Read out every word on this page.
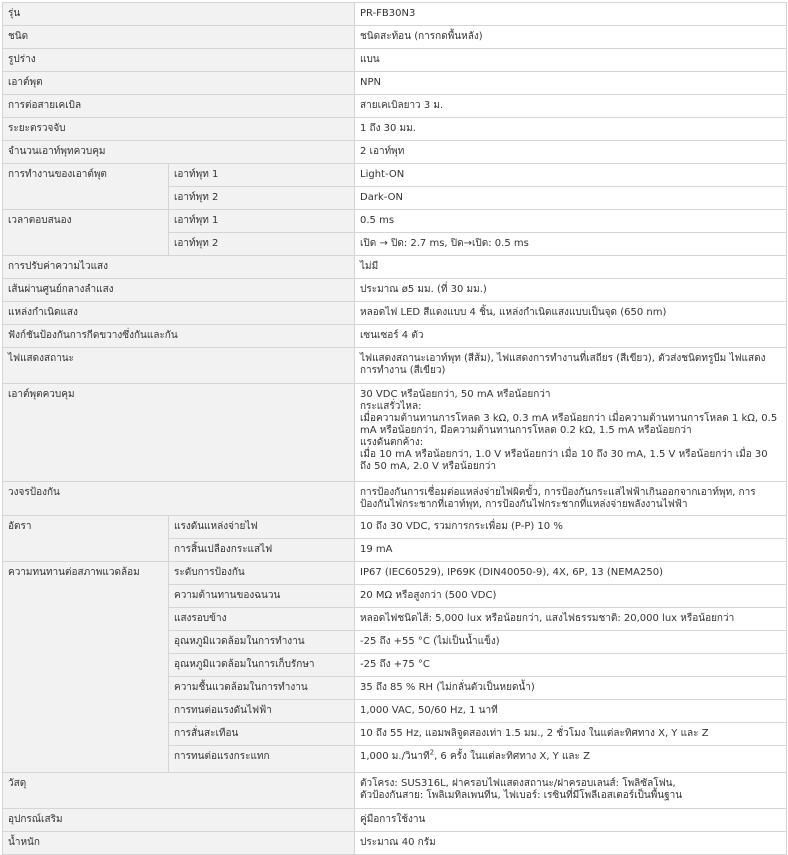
รุ่น		PR-FB30N3
ชนิด		ชนิดสะท้อน (การกดพื้นหลัง)
รูปร่าง		แบน
เอาต์พุต		NPN
การต่อสายเคเบิล		สายเคเบิลยาว 3 ม.
ระยะตรวจจับ		1 ถึง 30 มม.
จำนวนเอาท์พุทควบคุม		2 เอาท์พุท
การทำงานของเอาต์พุต	เอาท์พุท 1	Light-ON
	เอาท์พุท 2	Dark-ON
เวลาตอบสนอง	เอาท์พุท 1	0.5 ms
	เอาท์พุท 2	เปิด → ปิด: 2.7 ms, ปิด→เปิด: 0.5 ms
การปรับค่าความไวแสง		ไม่มี
เส้นผ่านศูนย์กลางลำแสง		ประมาณ ø5 มม. (ที่ 30 มม.)
แหล่งกำเนิดแสง		หลอดไฟ LED สีแดงแบบ 4 ชิ้น, แหล่งกำเนิดแสงแบบเป็นจุด (650 nm)
ฟังก์ชันป้องกันการกีดขวางซึ่งกันและกัน		เซนเซอร์ 4 ตัว
ไฟแสดงสถานะ		ไฟแสดงสถานะเอาท์พุท (สีส้ม), ไฟแสดงการทำงานที่เสถียร (สีเขียว), ตัวส่งชนิดทรูบีม ไฟแสดงการทำงาน (สีเขียว)
เอาต์พุตควบคุม		30 VDC หรือน้อยกว่า, 50 mA หรือน้อยกว่า
กระแสรั่วไหล:
เมื่อความต้านทานการโหลด 3 kΩ, 0.3 mA หรือน้อยกว่า เมื่อความต้านทานการโหลด 1 kΩ, 0.5 mA หรือน้อยกว่า, มีอความต้านทานการโหลด 0.2 kΩ, 1.5 mA หรือน้อยกว่า
แรงดันตกค้าง:
เมื่อ 10 mA หรือน้อยกว่า, 1.0 V หรือน้อยกว่า เมื่อ 10 ถึง 30 mA, 1.5 V หรือน้อยกว่า เมื่อ 30 ถึง 50 mA, 2.0 V หรือน้อยกว่า

วงจรป้องกัน		การป้องกันการเชื่อมต่อแหล่งจ่ายไฟผิดขั้ว, การป้องกันกระแสไฟฟ้าเกินออกจากเอาท์พุท, การป้องกันไฟกระชากที่เอาท์พุท, การป้องกันไฟกระชากที่แหล่งจ่ายพลังงานไฟฟ้า
อัตรา	แรงดันแหล่งจ่ายไฟ	10 ถึง 30 VDC, รวมการกระเพื่อม (P-P) 10 %
	การสิ้นเปลืองกระแสไฟ	19 mA
ความทนทานต่อสภาพแวดล้อม	ระดับการป้องกัน	IP67 (IEC60529), IP69K (DIN40050-9), 4X, 6P, 13 (NEMA250)
	ความต้านทานของฉนวน	20 MΩ หรือสูงกว่า (500 VDC)
	แสงรอบข้าง	หลอดไฟชนิดไส้: 5,000 lux หรือน้อยกว่า, แสงไฟธรรมชาติ: 20,000 lux หรือน้อยกว่า
	อุณหภูมิแวดล้อมในการทำงาน	-25 ถึง +55 °C (ไม่เป็นน้ำแข็ง)
	อุณหภูมิแวดล้อมในการเก็บรักษา	-25 ถึง +75 °C
	ความชื้นแวดล้อมในการทำงาน	35 ถึง 85 % RH (ไม่กลั่นตัวเป็นหยดน้ำ)
	การทนต่อแรงดันไฟฟ้า	1,000 VAC, 50/60 Hz, 1 นาที
	การสั่นสะเทือน	10 ถึง 55 Hz, แอมพลิจูดสองเท่า 1.5 มม., 2 ชั่วโมง ในแต่ละทิศทาง X, Y และ Z
	การทนต่อแรงกระแทก	1,000 ม./วินาที$^2$, 6 ครั้ง ในแต่ละทิศทาง X, Y และ Z
วัสดุ		ตัวโครง: SUS316L, ฝาครอบไฟแสดงสถานะ/ฝาครอบเลนส์: โพลิซัลโฟน,
ตัวป้องกันสาย: โพลิเมทิลเพนทีน, ไฟเบอร์: เรซินที่มีโพลีเอสเตอร์เป็นพื้นฐาน

อุปกรณ์เสริม		คู่มือการใช้งาน
น้ำหนัก		ประมาณ 40 กรัม
